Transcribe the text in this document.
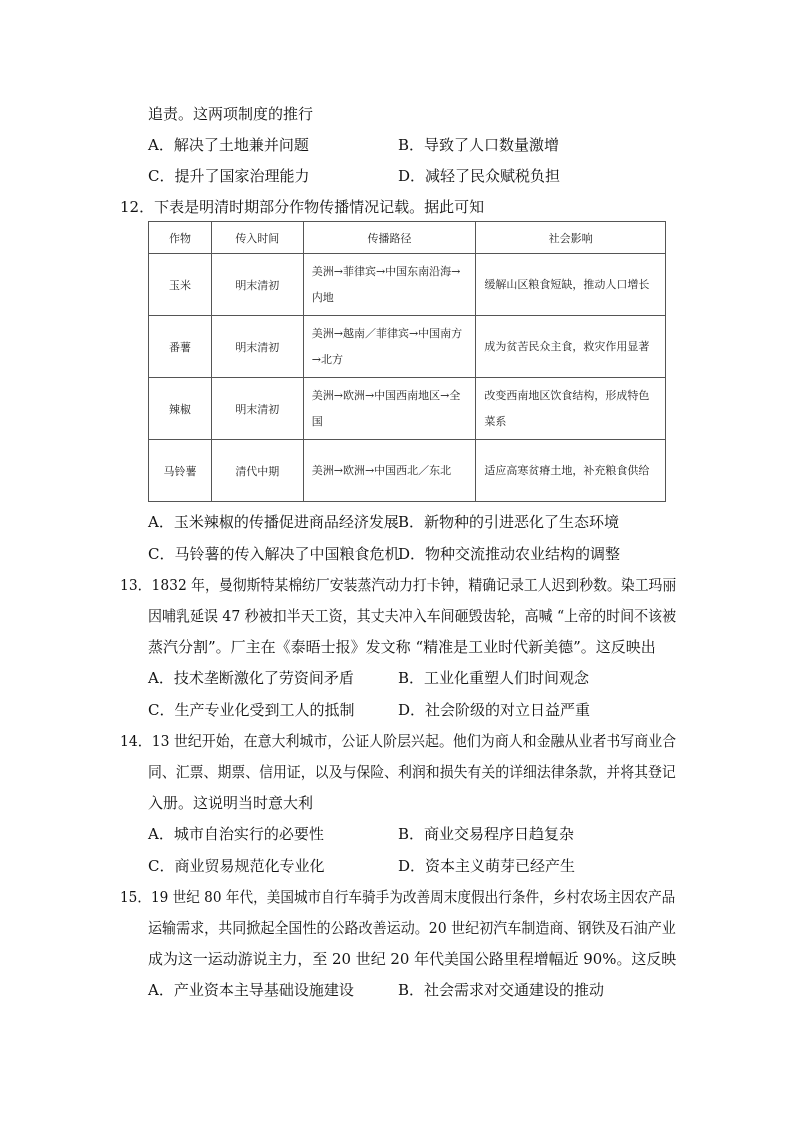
追责。这两项制度的推行
A．解决了土地兼并问题	B．导致了人口数量激增
C．提升了国家治理能力	D．减轻了民众赋税负担
12．下表是明清时期部分作物传播情况记载。据此可知
作物	传入时间	传播路径	社会影响
玉米	明末清初	美洲→菲律宾→中国东南沿海→内地	缓解山区粮食短缺，推动人口增长
番薯	明末清初	美洲→越南／菲律宾→中国南方→北方	成为贫苦民众主食，救灾作用显著
辣椒	明末清初	美洲→欧洲→中国西南地区→全国	改变西南地区饮食结构，形成特色菜系
马铃薯	清代中期	美洲→欧洲→中国西北／东北	适应高寒贫瘠土地，补充粮食供给
A．玉米辣椒的传播促进商品经济发展 B．新物种的引进恶化了生态环境
C．马铃薯的传入解决了中国粮食危机
D．物种交流推动农业结构的调整
13．1832 年，曼彻斯特某棉纺厂安装蒸汽动力打卡钟，精确记录工人迟到秒数。染工玛丽
因哺乳延误 47 秒被扣半天工资，其丈夫冲入车间砸毁齿轮，高喊 “上帝的时间不该被
蒸汽分割”。厂主在《泰晤士报》发文称 “精准是工业时代新美德”。这反映出
A．技术垄断激化了劳资间矛盾	B．工业化重塑人们时间观念
C．生产专业化受到工人的抵制	D．社会阶级的对立日益严重
14．13 世纪开始，在意大利城市，公证人阶层兴起。他们为商人和金融从业者书写商业合
同、汇票、期票、信用证，以及与保险、利润和损失有关的详细法律条款，并将其登记
入册。这说明当时意大利
A．城市自治实行的必要性	B．商业交易程序日趋复杂
C．商业贸易规范化专业化	D．资本主义萌芽已经产生
15．19 世纪 80 年代，美国城市自行车骑手为改善周末度假出行条件，乡村农场主因农产品
运输需求，共同掀起全国性的公路改善运动。20 世纪初汽车制造商、钢铁及石油产业
成为这一运动游说主力，至 20 世纪 20 年代美国公路里程增幅近 90%。这反映
A．产业资本主导基础设施建设	B．社会需求对交通建设的推动
